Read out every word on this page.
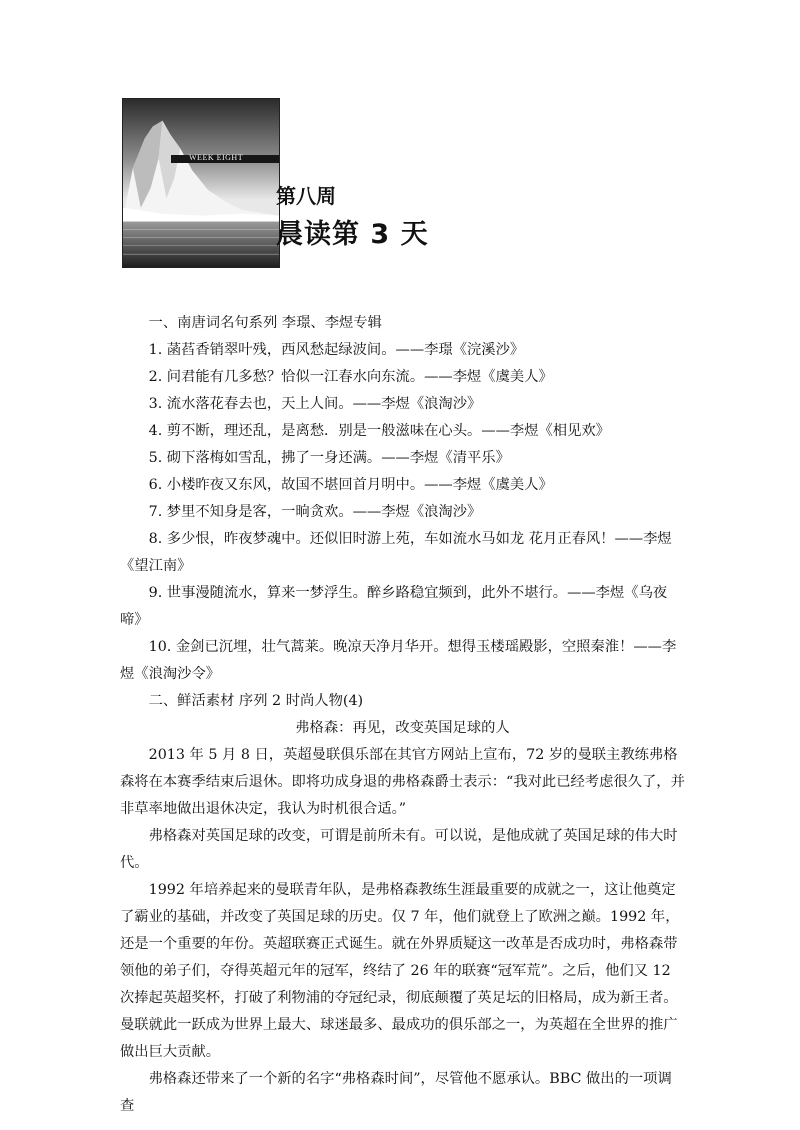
WEEK EIGHT
第八周
晨读第 3 天

一、南唐词名句系列 李璟、李煜专辑

1. 菡萏香销翠叶残，西风愁起绿波间。——李璟《浣溪沙》

2. 问君能有几多愁？恰似一江春水向东流。——李煜《虞美人》

3. 流水落花春去也，天上人间。——李煜《浪淘沙》

4. 剪不断，理还乱，是离愁．别是一般滋味在心头。——李煜《相见欢》

5. 砌下落梅如雪乱，拂了一身还满。——李煜《清平乐》

6. 小楼昨夜又东风，故国不堪回首月明中。——李煜《虞美人》

7. 梦里不知身是客，一晌贪欢。——李煜《浪淘沙》

8. 多少恨，昨夜梦魂中。还似旧时游上苑，车如流水马如龙 花月正春风！——李煜《望江南》

9. 世事漫随流水，算来一梦浮生。醉乡路稳宜频到，此外不堪行。——李煜《乌夜啼》

10. 金剑已沉埋，壮气蒿莱。晚凉天净月华开。想得玉楼瑶殿影，空照秦淮！——李煜《浪淘沙令》

二、鲜活素材 序列 2 时尚人物(4)

弗格森：再见，改变英国足球的人

2013 年 5 月 8 日，英超曼联俱乐部在其官方网站上宣布，72 岁的曼联主教练弗格森将在本赛季结束后退休。即将功成身退的弗格森爵士表示：“我对此已经考虑很久了，并非草率地做出退休决定，我认为时机很合适。”

弗格森对英国足球的改变，可谓是前所未有。可以说，是他成就了英国足球的伟大时代。

1992 年培养起来的曼联青年队，是弗格森教练生涯最重要的成就之一，这让他奠定了霸业的基础，并改变了英国足球的历史。仅 7 年，他们就登上了欧洲之巅。1992 年，还是一个重要的年份。英超联赛正式诞生。就在外界质疑这一改革是否成功时，弗格森带领他的弟子们，夺得英超元年的冠军，终结了 26 年的联赛“冠军荒”。之后，他们又 12 次捧起英超奖杯，打破了利物浦的夺冠纪录，彻底颠覆了英足坛的旧格局，成为新王者。曼联就此一跃成为世界上最大、球迷最多、最成功的俱乐部之一，为英超在全世界的推广做出巨大贡献。

弗格森还带来了一个新的名字“弗格森时间”，尽管他不愿承认。BBC 做出的一项调查
